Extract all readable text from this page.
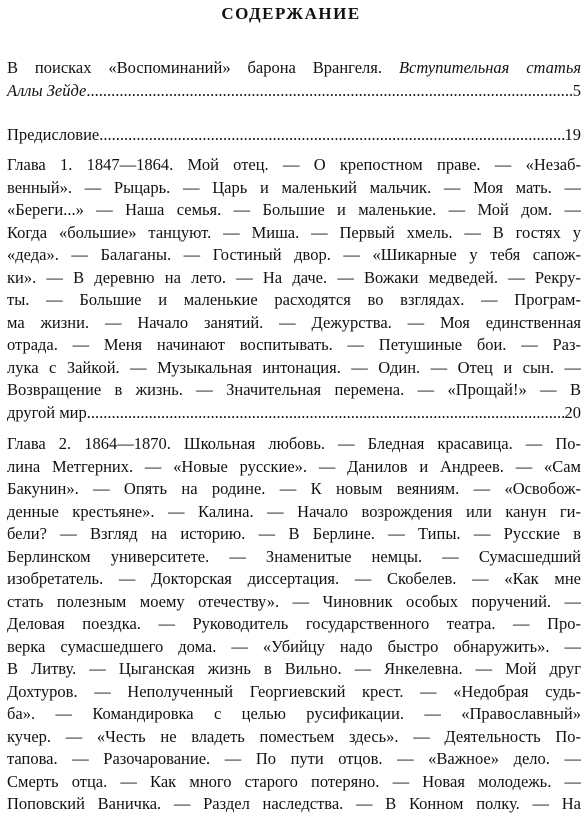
СОДЕРЖАНИЕ
В поисках «Воспоминаний» барона Врангеля. Вступительная статья
Аллы Зейде .....	5
Предисловие .....	19
Глава 1. 1847—1864. Мой отец. — О крепостном праве. — «Незаб-
венный». — Рыцарь. — Царь и маленький мальчик. — Моя мать. —
«Береги...» — Наша семья. — Большие и маленькие. — Мой дом. —
Когда «большие» танцуют. — Миша. — Первый хмель. — В гостях у
«деда». — Балаганы. — Гостиный двор. — «Шикарные у тебя сапож-
ки». — В деревню на лето. — На даче. — Вожаки медведей. — Рекру-
ты. — Большие и маленькие расходятся во взглядах. — Програм-
ма жизни. — Начало занятий. — Дежурства. — Моя единственная
отрада. — Меня начинают воспитывать. — Петушиные бои. — Раз-
лука с Зайкой. — Музыкальная интонация. — Один. — Отец и сын. —
Возвращение в жизнь. — Значительная перемена. — «Прощай!» — В
другой мир .....	20
Глава 2. 1864—1870. Школьная любовь. — Бледная красавица. — По-
лина Метгерних. — «Новые русские». — Данилов и Андреев. — «Сам
Бакунин». — Опять на родине. — К новым веяниям. — «Освобож-
денные крестьяне». — Калина. — Начало возрождения или канун ги-
бели? — Взгляд на историю. — В Берлине. — Типы. — Русские в
Берлинском университете. — Знаменитые немцы. — Сумасшедший
изобретатель. — Докторская диссертация. — Скобелев. — «Как мне
стать полезным моему отечеству». — Чиновник особых поручений. —
Деловая поездка. — Руководитель государственного театра. — Про-
верка сумасшедшего дома. — «Убийцу надо быстро обнаружить». —
В Литву. — Цыганская жизнь в Вильно. — Янкелевна. — Мой друг
Дохтуров. — Неполученный Георгиевский крест. — «Недобрая судь-
ба». — Командировка с целью русификации. — «Православный»
кучер. — «Честь не владеть поместьем здесь». — Деятельность По-
тапова. — Разочарование. — По пути отцов. — «Важное» дело. —
Смерть отца. — Как много старого потеряно. — Новая молодежь. —
Поповский Ваничка. — Раздел наследства. — В Конном полку. — На
